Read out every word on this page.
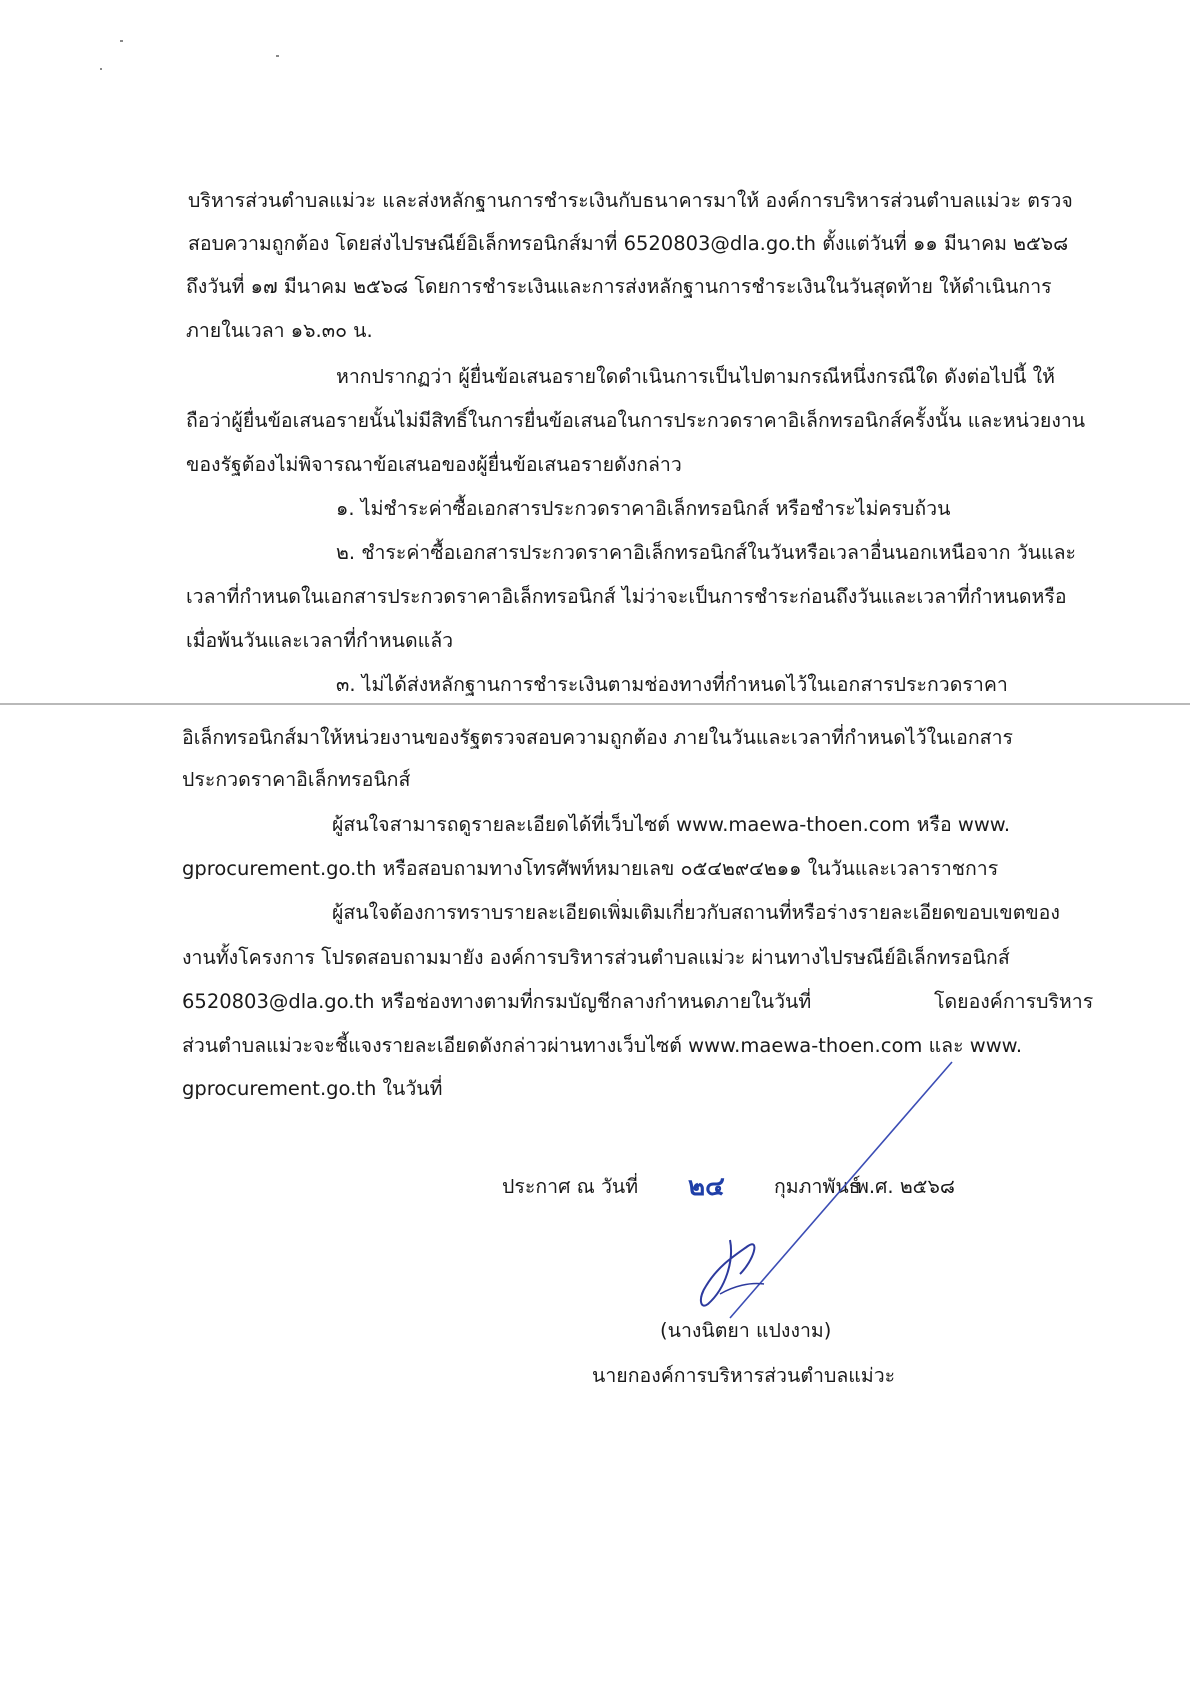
บริหารส่วนตำบลแม่วะ และส่งหลักฐานการชำระเงินกับธนาคารมาให้ องค์การบริหารส่วนตำบลแม่วะ ตรวจ
สอบความถูกต้อง โดยส่งไปรษณีย์อิเล็กทรอนิกส์มาที่ 6520803@dla.go.th ตั้งแต่วันที่ ๑๑ มีนาคม ๒๕๖๘
ถึงวันที่ ๑๗ มีนาคม ๒๕๖๘ โดยการชำระเงินและการส่งหลักฐานการชำระเงินในวันสุดท้าย ให้ดำเนินการ
ภายในเวลา ๑๖.๓๐ น.
หากปรากฏว่า ผู้ยื่นข้อเสนอรายใดดำเนินการเป็นไปตามกรณีหนึ่งกรณีใด ดังต่อไปนี้ ให้
ถือว่าผู้ยื่นข้อเสนอรายนั้นไม่มีสิทธิ์ในการยื่นข้อเสนอในการประกวดราคาอิเล็กทรอนิกส์ครั้งนั้น และหน่วยงาน
ของรัฐต้องไม่พิจารณาข้อเสนอของผู้ยื่นข้อเสนอรายดังกล่าว
๑. ไม่ชำระค่าซื้อเอกสารประกวดราคาอิเล็กทรอนิกส์ หรือชำระไม่ครบถ้วน
๒. ชำระค่าซื้อเอกสารประกวดราคาอิเล็กทรอนิกส์ในวันหรือเวลาอื่นนอกเหนือจาก วันและ
เวลาที่กำหนดในเอกสารประกวดราคาอิเล็กทรอนิกส์ ไม่ว่าจะเป็นการชำระก่อนถึงวันและเวลาที่กำหนดหรือ
เมื่อพ้นวันและเวลาที่กำหนดแล้ว
๓. ไม่ได้ส่งหลักฐานการชำระเงินตามช่องทางที่กำหนดไว้ในเอกสารประกวดราคา
อิเล็กทรอนิกส์มาให้หน่วยงานของรัฐตรวจสอบความถูกต้อง ภายในวันและเวลาที่กำหนดไว้ในเอกสาร
ประกวดราคาอิเล็กทรอนิกส์
ผู้สนใจสามารถดูรายละเอียดได้ที่เว็บไซต์ www.maewa-thoen.com หรือ www.
gprocurement.go.th หรือสอบถามทางโทรศัพท์หมายเลข ๐๕๔๒๙๔๒๑๑ ในวันและเวลาราชการ
ผู้สนใจต้องการทราบรายละเอียดเพิ่มเติมเกี่ยวกับสถานที่หรือร่างรายละเอียดขอบเขตของ
งานทั้งโครงการ โปรดสอบถามมายัง องค์การบริหารส่วนตำบลแม่วะ ผ่านทางไปรษณีย์อิเล็กทรอนิกส์
6520803@dla.go.th หรือช่องทางตามที่กรมบัญชีกลางกำหนดภายในวันที่	โดยองค์การบริหาร
ส่วนตำบลแม่วะจะชี้แจงรายละเอียดดังกล่าวผ่านทางเว็บไซต์ www.maewa-thoen.com และ www.
gprocurement.go.th ในวันที่
ประกาศ ณ วันที่ ๒๔	กุมภาพันธ์
พ.ศ. ๒๕๖๘
(นางนิตยา แปงงาม)
นายกองค์การบริหารส่วนตำบลแม่วะ
